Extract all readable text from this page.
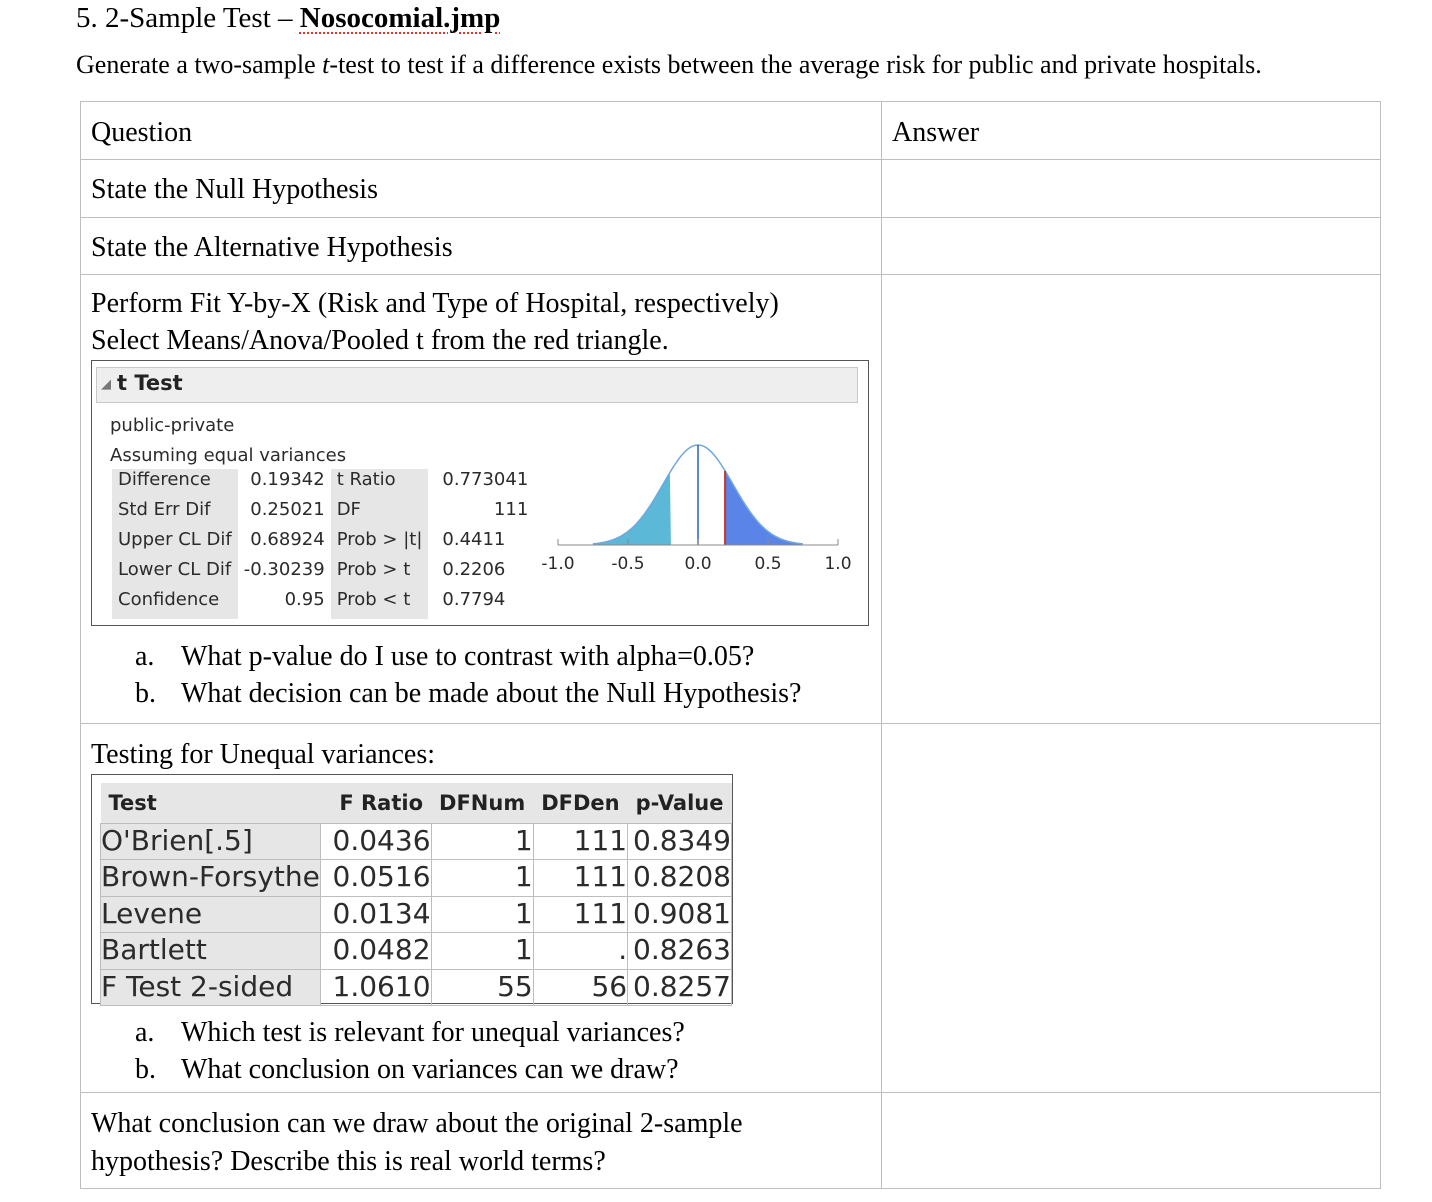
5. 2-Sample Test – Nosocomial.jmp
Generate a two-sample t-test to test if a difference exists between the average risk for public and private hospitals.
Question	Answer

State the Null Hypothesis

State the Alternative Hypothesis

Perform Fit Y-by-X (Risk and Type of Hospital, respectively)
Select Means/Anova/Pooled t from the red triangle.
◢ t Test
public-private
Assuming equal variances
Difference	0.19342	t Ratio	0.773041
Std Err Dif	0.25021	DF	111
Upper CL Dif	0.68924	Prob > |t|	0.4411
Lower CL Dif	-0.30239	Prob > t	0.2206
Confidence	0.95	Prob < t	0.7794
-1.0 -0.5 0.0	0.5	1.0
a. What p-value do I use to contrast with alpha=0.05?
b. What decision can be made about the Null Hypothesis?

Testing for Unequal variances:
Test	F Ratio	DFNum	DFDen	p-Value
O'Brien[.5]	0.0436	1	111	0.8349
Brown-Forsythe	0.0516	1	111	0.8208
Levene	0.0134	1	111	0.9081
Bartlett	0.0482	1	.	0.8263
F Test 2-sided	1.0610	55	56	0.8257
a. Which test is relevant for unequal variances?
b. What conclusion on variances can we draw?

What conclusion can we draw about the original 2-sample
hypothesis? Describe this is real world terms?
